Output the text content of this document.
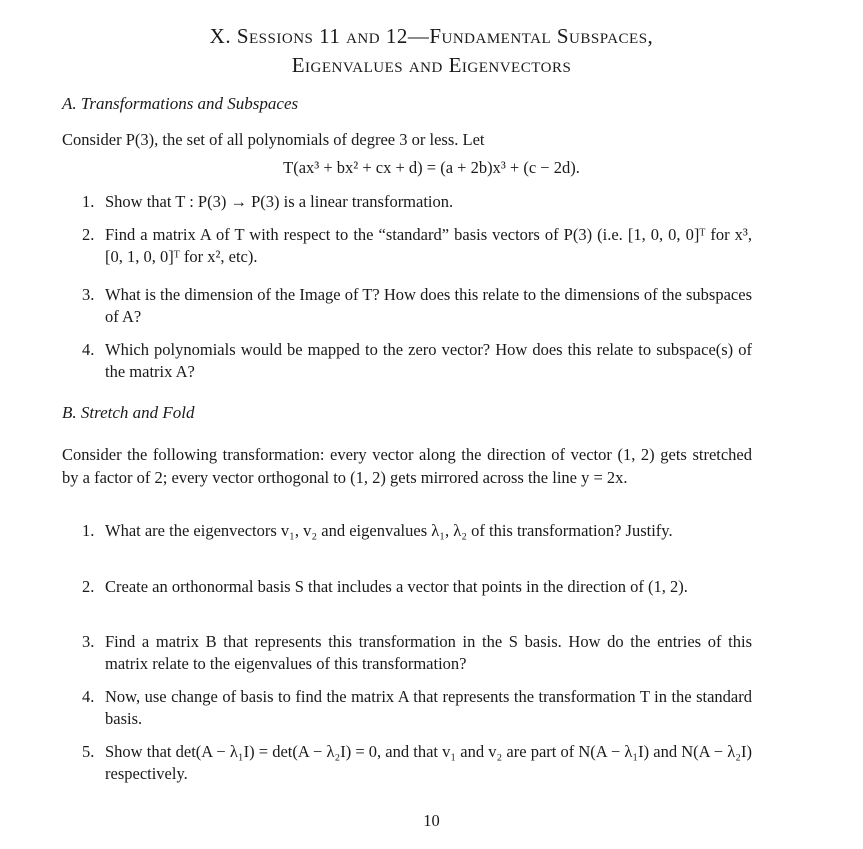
X. Sessions 11 and 12—Fundamental Subspaces,
Eigenvalues and Eigenvectors
A. Transformations and Subspaces
Consider P(3), the set of all polynomials of degree 3 or less. Let
T(ax³ + bx² + cx + d) = (a + 2b)x³ + (c − 2d).
1. Show that T : P(3) → P(3) is a linear transformation.
2. Find a matrix A of T with respect to the “standard” basis vectors of P(3) (i.e. [1, 0, 0, 0]ᵀ for x³, [0, 1, 0, 0]ᵀ for x², etc).
3. What is the dimension of the Image of T? How does this relate to the dimensions of the subspaces of A?
4. Which polynomials would be mapped to the zero vector? How does this relate to subspace(s) of the matrix A?
B. Stretch and Fold
Consider the following transformation: every vector along the direction of vector (1, 2) gets stretched by a factor of 2; every vector orthogonal to (1, 2) gets mirrored across the line y = 2x.
1. What are the eigenvectors v₁, v₂ and eigenvalues λ₁, λ₂ of this transformation? Justify.
2. Create an orthonormal basis S that includes a vector that points in the direction of (1, 2).
3. Find a matrix B that represents this transformation in the S basis. How do the entries of this matrix relate to the eigenvalues of this transformation?
4. Now, use change of basis to find the matrix A that represents the transformation T in the standard basis.
5. Show that det(A − λ₁I) = det(A − λ₂I) = 0, and that v₁ and v₂ are part of N(A − λ₁I) and N(A − λ₂I) respectively.
10
